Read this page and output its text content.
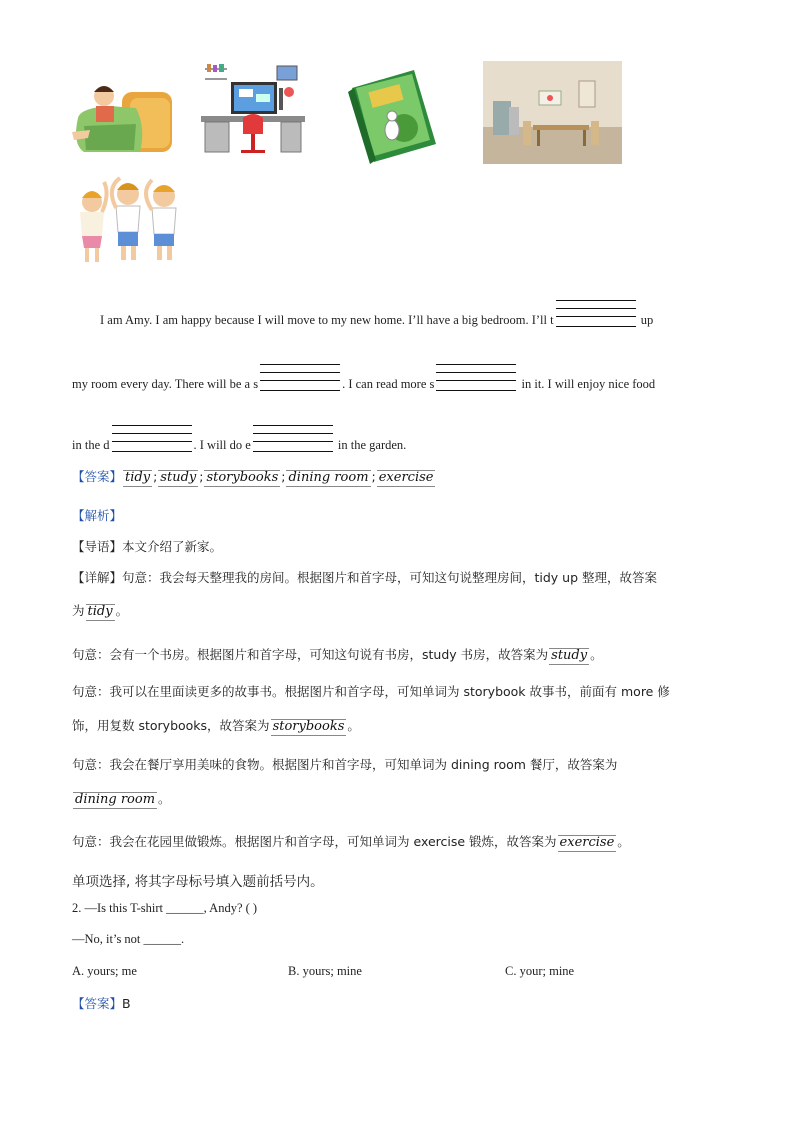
I am Amy. I am happy because I will move to my new home. I’ll have a big bedroom. I’ll t	up
my room every day. There will be a s	. I can read more s	in it. I will enjoy nice food
in the d	. I will do e	in the garden.
【答案】 tidy ; study ; storybooks ; dining room ; exercise
【解析】
【导语】本文介绍了新家。
【详解】句意：我会每天整理我的房间。根据图片和首字母，可知这句说整理房间，tidy up 整理，故答案
为 tidy 。
句意：会有一个书房。根据图片和首字母，可知这句说有书房，study 书房，故答案为 study 。
句意：我可以在里面读更多的故事书。根据图片和首字母，可知单词为 storybook 故事书，前面有 more 修
饰，用复数 storybooks，故答案为 storybooks 。
句意：我会在餐厅享用美味的食物。根据图片和首字母，可知单词为 dining room 餐厅，故答案为
dining room 。
句意：我会在花园里做锻炼。根据图片和首字母，可知单词为 exercise 锻炼，故答案为 exercise 。
单项选择, 将其字母标号填入题前括号内。
2. —Is this T-shirt ______, Andy? ( )
—No, it’s not ______.
A. yours; me	B. yours; mine	C. your; mine
【答案】B
